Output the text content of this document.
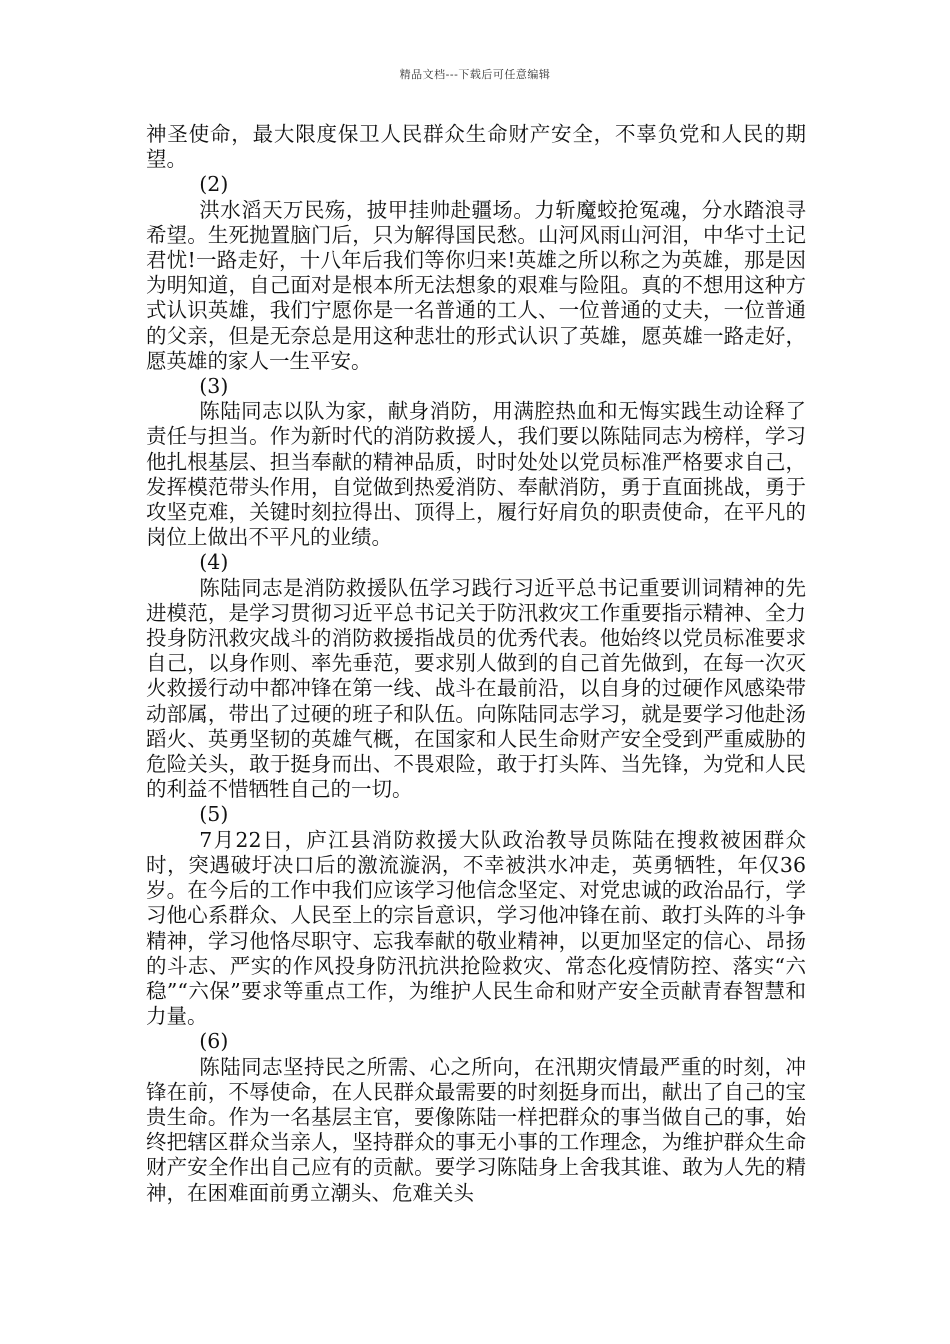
精品文档---下载后可任意编辑

神圣使命，最大限度保卫人民群众生命财产安全，不辜负党和人民的期望。

(2)

洪水滔天万民殇，披甲挂帅赴疆场。力斩魔蛟抢冤魂，分水踏浪寻希望。生死抛置脑门后，只为解得国民愁。山河风雨山河泪，中华寸土记君忧!一路走好，十八年后我们等你归来!英雄之所以称之为英雄，那是因为明知道，自己面对是根本所无法想象的艰难与险阻。真的不想用这种方式认识英雄，我们宁愿你是一名普通的工人、一位普通的丈夫，一位普通的父亲，但是无奈总是用这种悲壮的形式认识了英雄，愿英雄一路走好，愿英雄的家人一生平安。

(3)

陈陆同志以队为家，献身消防，用满腔热血和无悔实践生动诠释了责任与担当。作为新时代的消防救援人，我们要以陈陆同志为榜样，学习他扎根基层、担当奉献的精神品质，时时处处以党员标准严格要求自己，发挥模范带头作用，自觉做到热爱消防、奉献消防，勇于直面挑战，勇于攻坚克难，关键时刻拉得出、顶得上，履行好肩负的职责使命，在平凡的岗位上做出不平凡的业绩。

(4)

陈陆同志是消防救援队伍学习践行习近平总书记重要训词精神的先进模范，是学习贯彻习近平总书记关于防汛救灾工作重要指示精神、全力投身防汛救灾战斗的消防救援指战员的优秀代表。他始终以党员标准要求自己，以身作则、率先垂范，要求别人做到的自己首先做到，在每一次灭火救援行动中都冲锋在第一线、战斗在最前沿，以自身的过硬作风感染带动部属，带出了过硬的班子和队伍。向陈陆同志学习，就是要学习他赴汤蹈火、英勇坚韧的英雄气概，在国家和人民生命财产安全受到严重威胁的危险关头，敢于挺身而出、不畏艰险，敢于打头阵、当先锋，为党和人民的利益不惜牺牲自己的一切。

(5)

7月22日，庐江县消防救援大队政治教导员陈陆在搜救被困群众时，突遇破圩决口后的激流漩涡，不幸被洪水冲走，英勇牺牲，年仅36岁。在今后的工作中我们应该学习他信念坚定、对党忠诚的政治品行，学习他心系群众、人民至上的宗旨意识，学习他冲锋在前、敢打头阵的斗争精神，学习他恪尽职守、忘我奉献的敬业精神，以更加坚定的信心、昂扬的斗志、严实的作风投身防汛抗洪抢险救灾、常态化疫情防控、落实“六稳”“六保”要求等重点工作，为维护人民生命和财产安全贡献青春智慧和力量。

(6)

陈陆同志坚持民之所需、心之所向，在汛期灾情最严重的时刻，冲锋在前，不辱使命，在人民群众最需要的时刻挺身而出，献出了自己的宝贵生命。作为一名基层主官，要像陈陆一样把群众的事当做自己的事，始终把辖区群众当亲人，坚持群众的事无小事的工作理念，为维护群众生命财产安全作出自己应有的贡献。要学习陈陆身上舍我其谁、敢为人先的精神，在困难面前勇立潮头、危难关头
